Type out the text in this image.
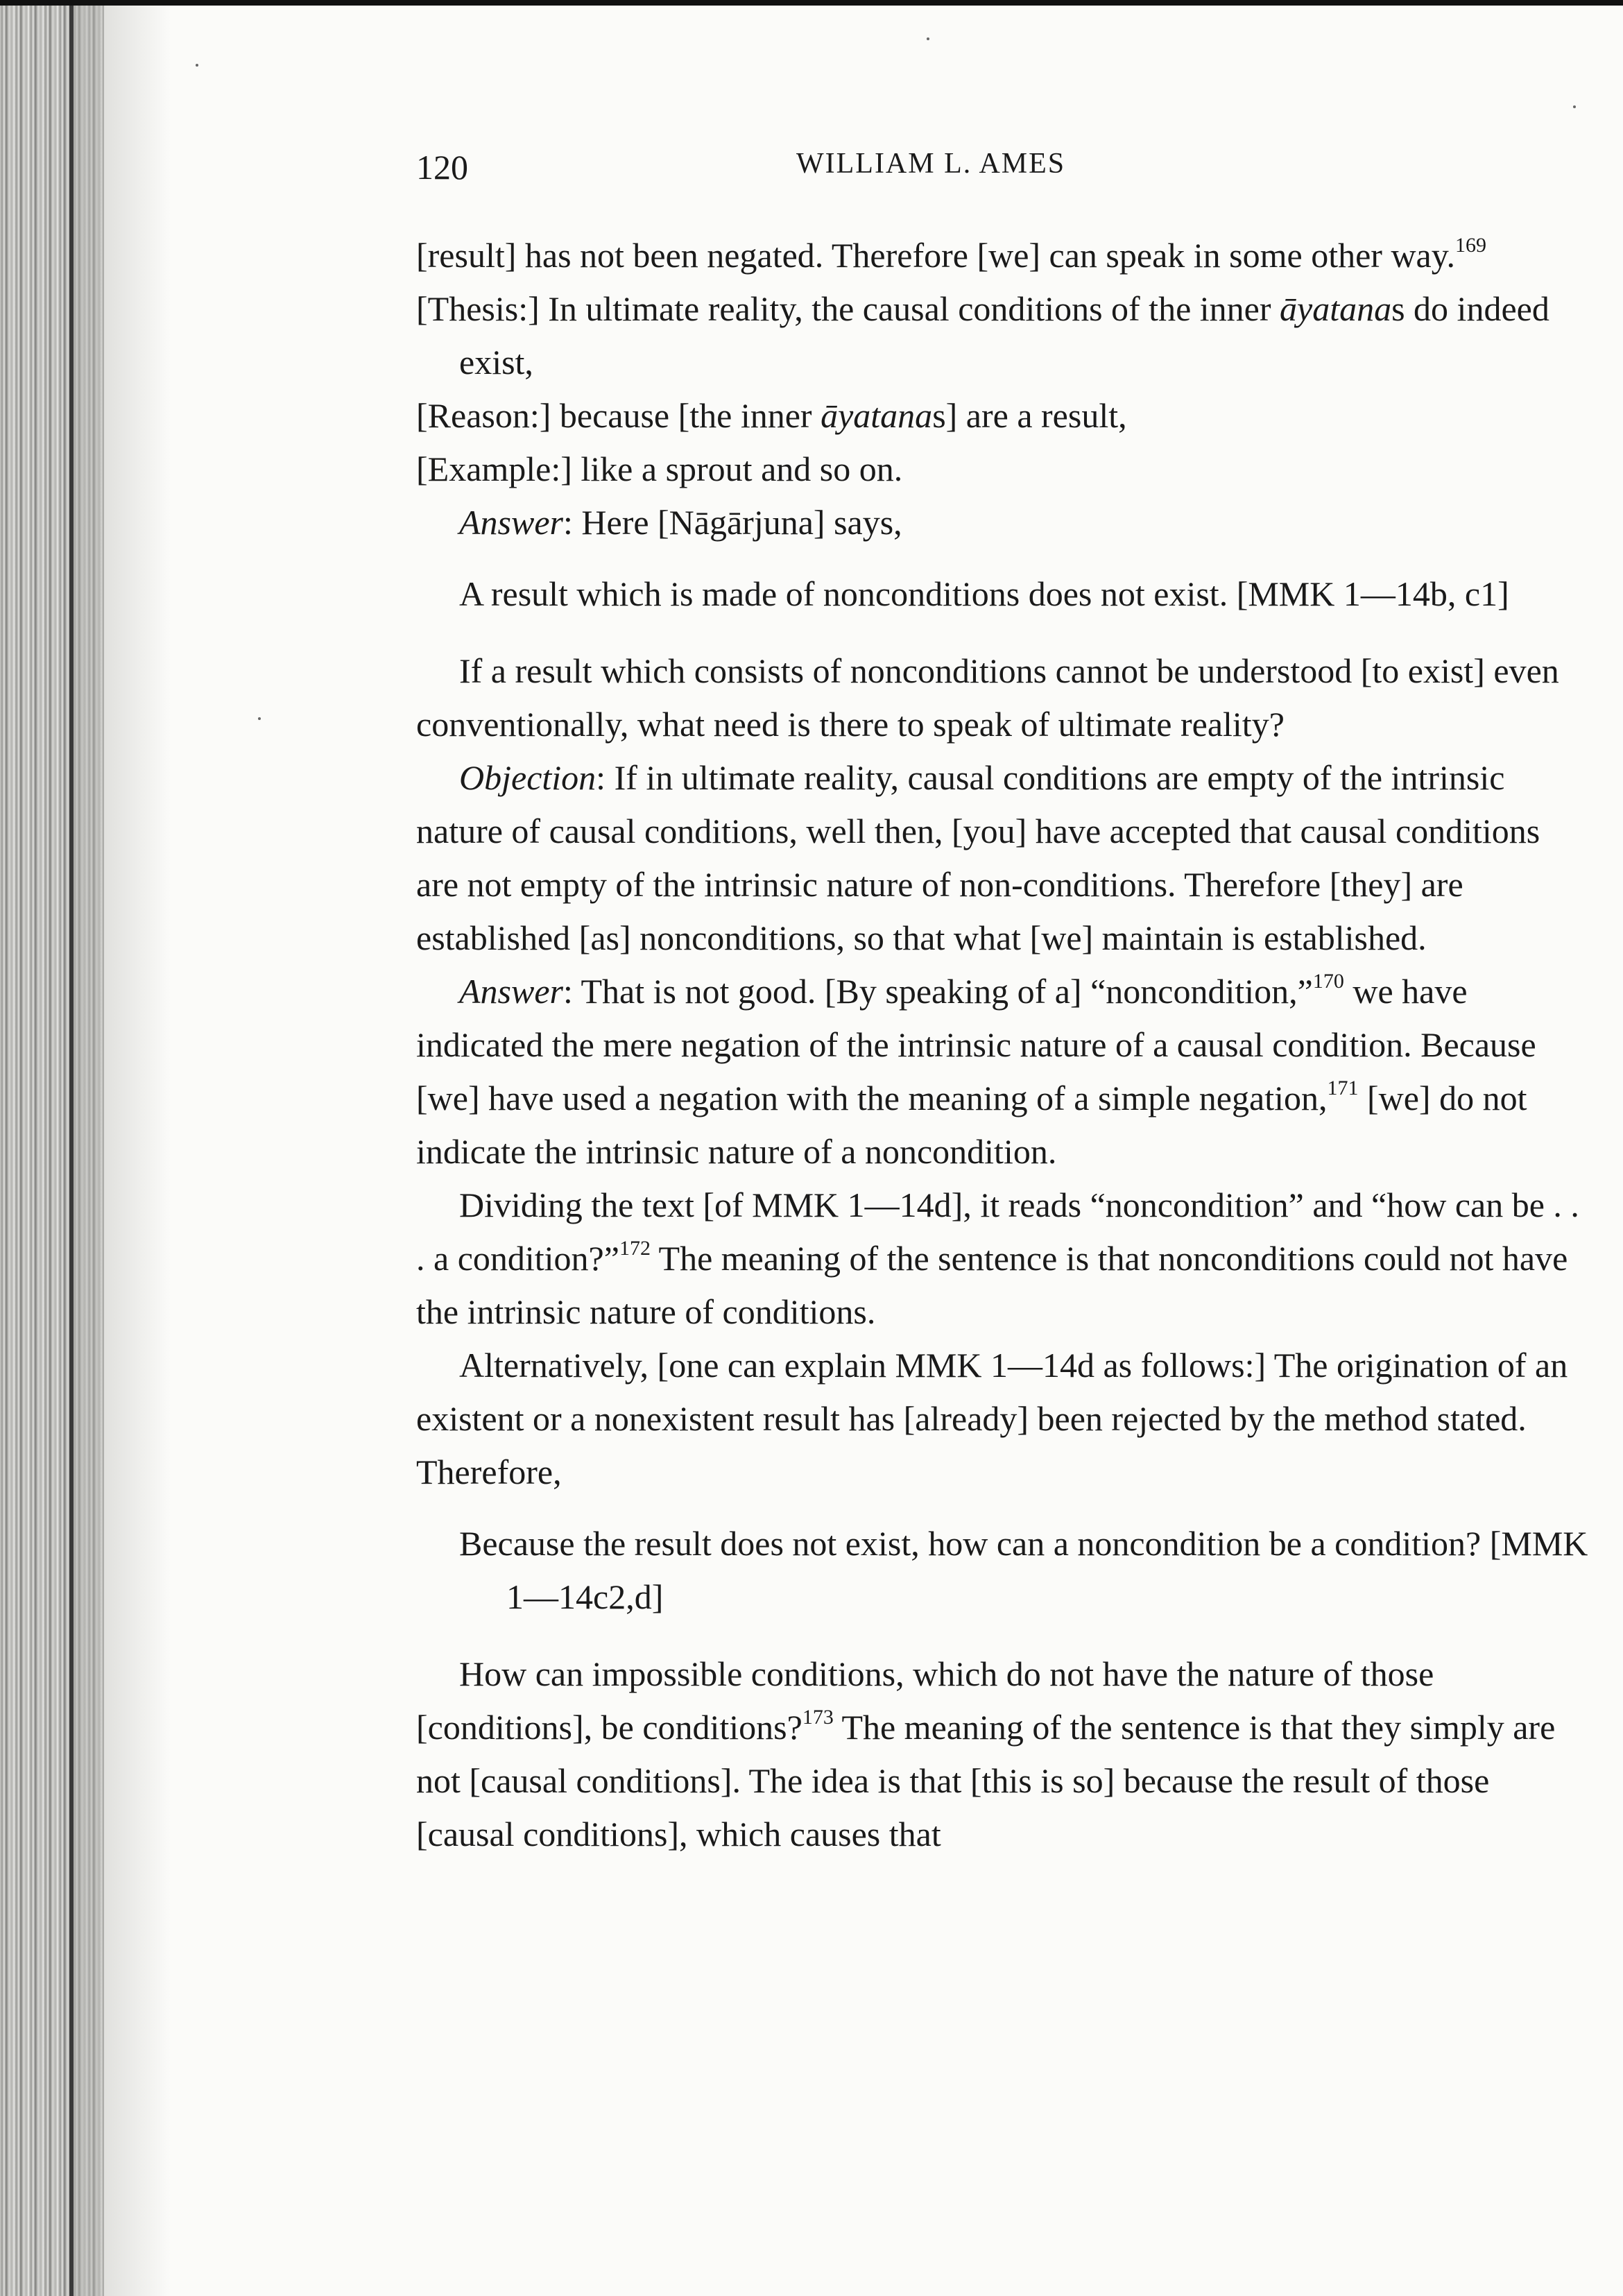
120	WILLIAM L. AMES

[result] has not been negated. Therefore [we] can speak in some other way.$^{169}$

[Thesis:] In ultimate reality, the causal conditions of the inner āyatanas do indeed exist,

[Reason:] because [the inner āyatanas] are a result,

[Example:] like a sprout and so on.

Answer: Here [Nāgārjuna] says,

A result which is made of nonconditions does not exist. [MMK 1—14b, c1]

If a result which consists of nonconditions cannot be understood [to exist] even conventionally, what need is there to speak of ultimate reality?

Objection: If in ultimate reality, causal conditions are empty of the intrinsic nature of causal conditions, well then, [you] have accepted that causal conditions are not empty of the intrinsic nature of non-conditions. Therefore [they] are established [as] nonconditions, so that what [we] maintain is established.

Answer: That is not good. [By speaking of a] “noncondition,”$^{170}$ we have indicated the mere negation of the intrinsic nature of a causal condition. Because [we] have used a negation with the meaning of a simple negation,$^{171}$ [we] do not indicate the intrinsic nature of a noncondition.

Dividing the text [of MMK 1—14d], it reads “noncondition” and “how can be . . . a condition?”$^{172}$ The meaning of the sentence is that nonconditions could not have the intrinsic nature of conditions.

Alternatively, [one can explain MMK 1—14d as follows:] The origination of an existent or a nonexistent result has [already] been rejected by the method stated. Therefore,

Because the result does not exist, how can a noncondition be a condition? [MMK 1—14c2,d]

How can impossible conditions, which do not have the nature of those [conditions], be conditions?$^{173}$ The meaning of the sentence is that they simply are not [causal conditions]. The idea is that [this is so] because the result of those [causal conditions], which causes that
